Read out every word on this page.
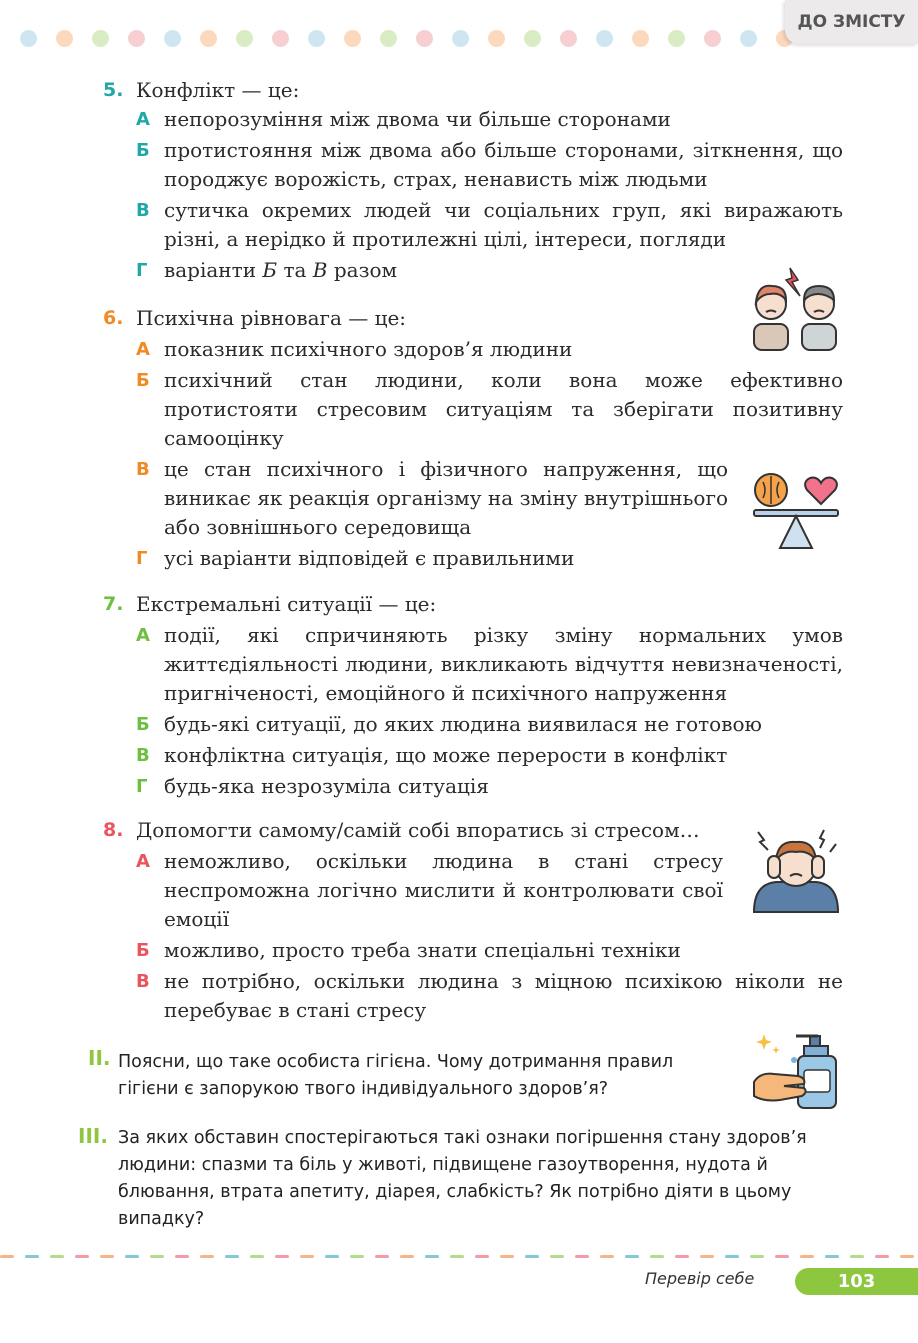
ДО ЗМІСТУ
5. Конфлікт — це:
А непорозуміння між двома чи більше сторонами
Б протистояння між двома або більше сторонами, зіткнення, що породжує ворожість, страх, ненависть між людьми
В сутичка окремих людей чи соціальних груп, які виражають різні, а нерідко й протилежні цілі, інтереси, погляди
Г варіанти Б та В разом
6. Психічна рівновага — це:
А показник психічного здоров’я людини
Б психічний стан людини, коли вона може ефективно протистояти стресовим ситуаціям та зберігати позитивну самооцінку
В це стан психічного і фізичного напруження, що виникає як реакція організму на зміну внутрішнього або зовнішнього середовища
Г усі варіанти відповідей є правильними
7. Екстремальні ситуації — це:
А події, які спричиняють різку зміну нормальних умов життєдіяльності людини, викликають відчуття невизначеності, пригніченості, емоційного й психічного напруження
Б будь-які ситуації, до яких людина виявилася не готовою
В конфліктна ситуація, що може перерости в конфлікт
Г будь-яка незрозуміла ситуація
8. Допомогти самому/самій собі впоратись зі стресом…
А неможливо, оскільки людина в стані стресу неспроможна логічно мислити й контролювати свої емоції
Б можливо, просто треба знати спеціальні техніки
В не потрібно, оскільки людина з міцною психікою ніколи не перебуває в стані стресу
II. Поясни, що таке особиста гігієна. Чому дотримання правил гігієни є запорукою твого індивідуального здоров’я?
III. За яких обставин спостерігаються такі ознаки погіршення стану здоров’я людини: спазми та біль у животі, підвищене газоутворення, нудота й блювання, втрата апетиту, діарея, слабкість? Як потрібно діяти в цьому випадку?
Перевір себе	103
